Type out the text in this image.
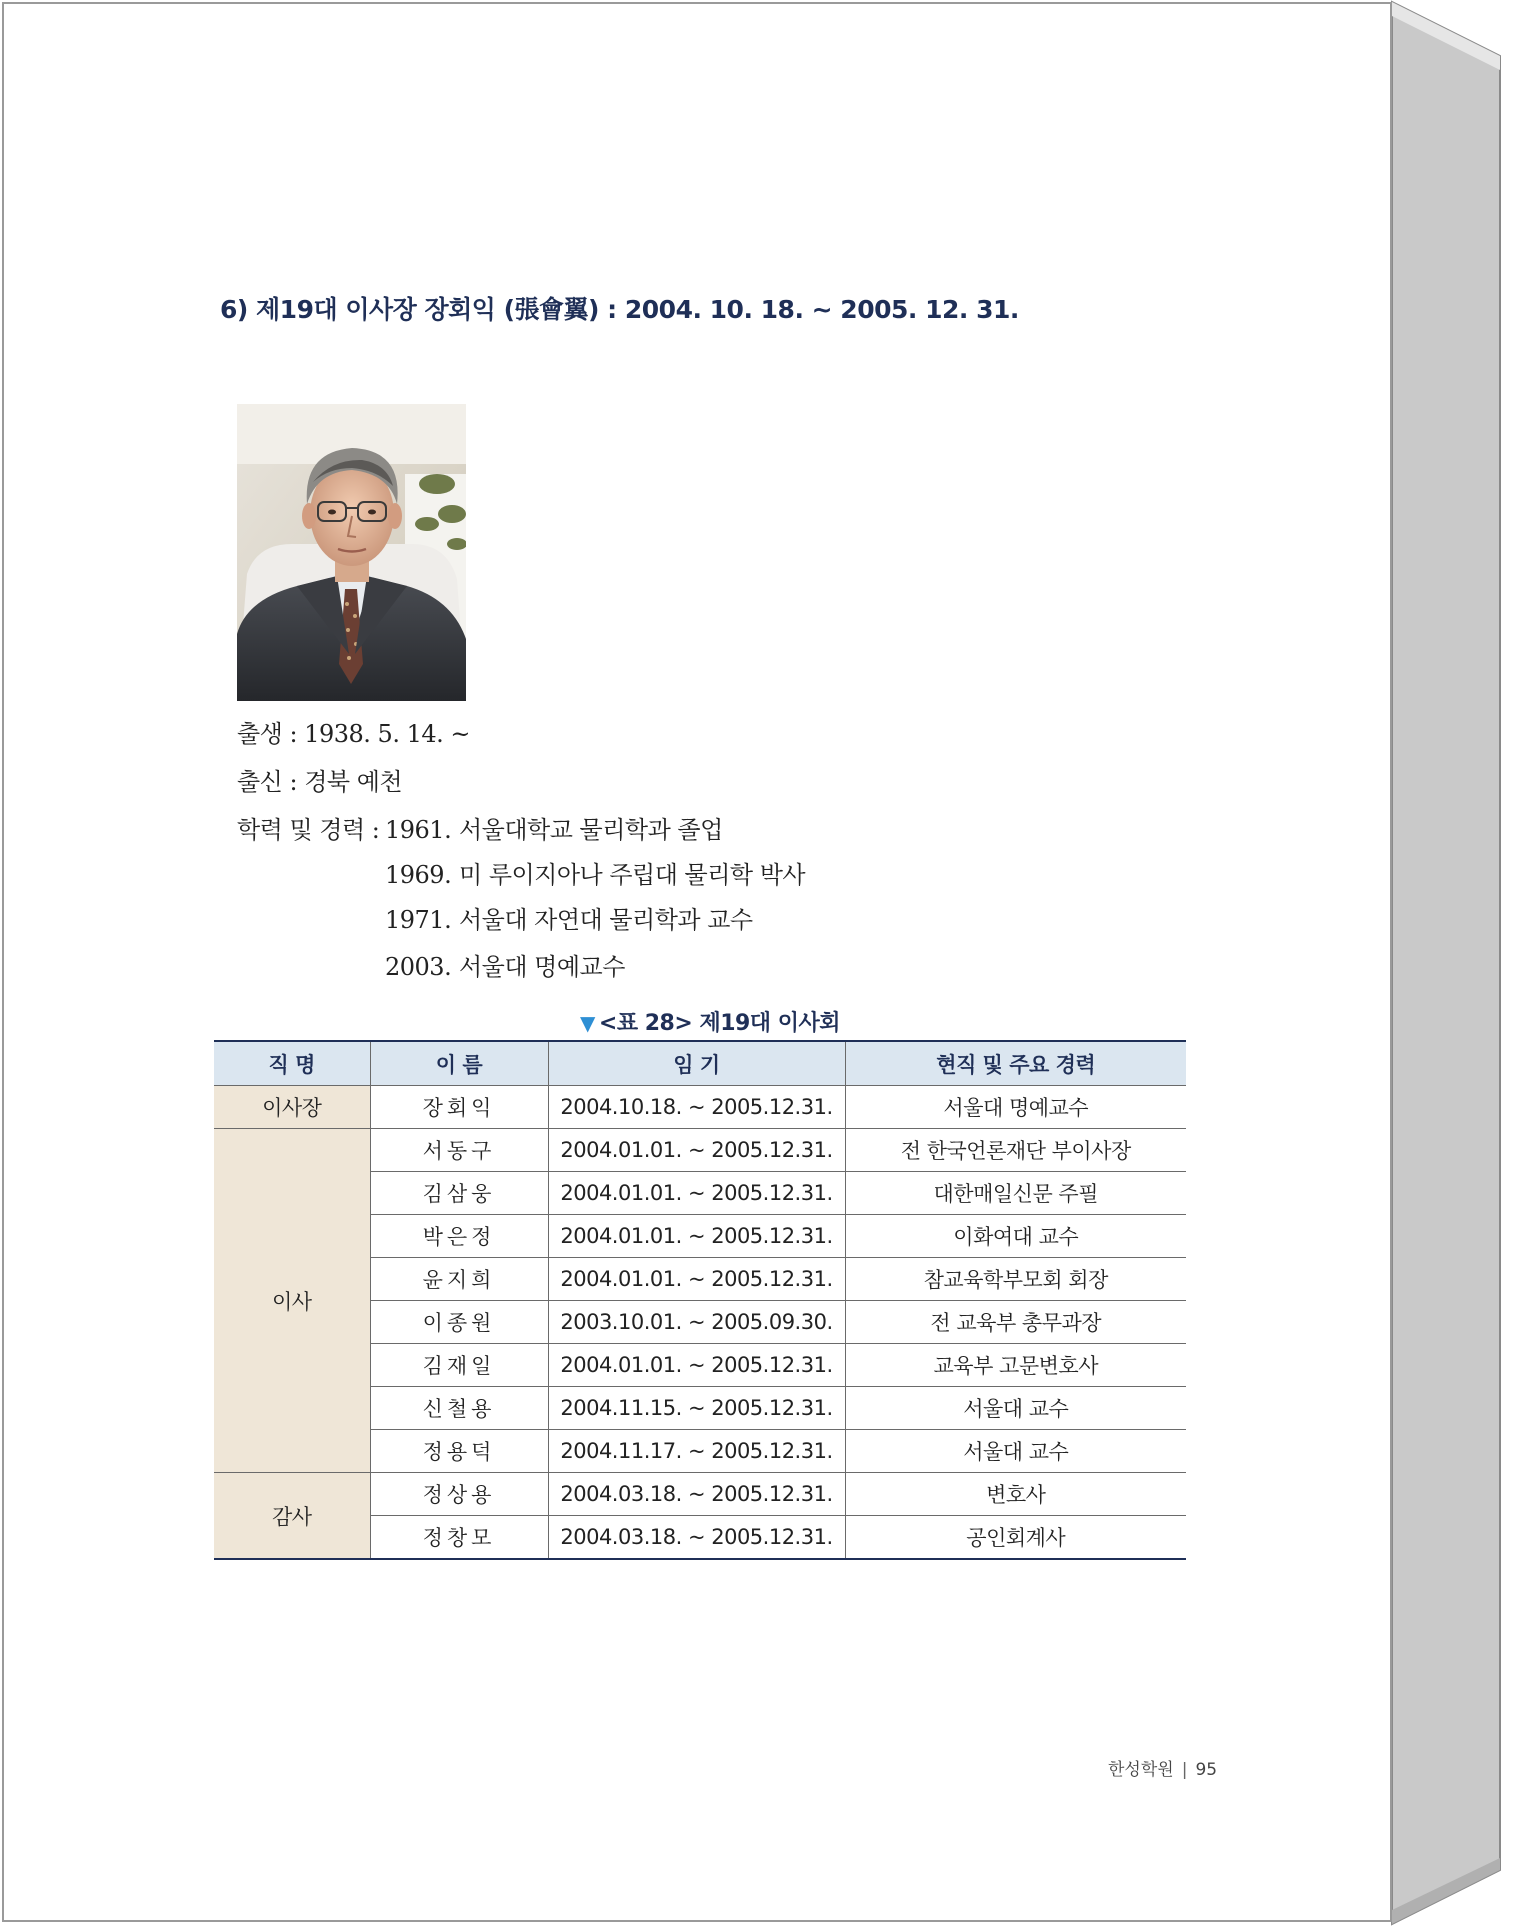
6) 제19대 이사장 장회익 (張會翼) : 2004. 10. 18. ~ 2005. 12. 31.
출생 : 1938. 5. 14. ~
출신 : 경북 예천
학력 및 경력 : 1961. 서울대학교 물리학과 졸업
1969. 미 루이지아나 주립대 물리학 박사
1971. 서울대 자연대 물리학과 교수
2003. 서울대 명예교수
▼ <표 28> 제19대 이사회
직 명	이 름	임 기	현직 및 주요 경력
이사장	장회익	2004.10.18. ~ 2005.12.31.	서울대 명예교수
이사	서동구	2004.01.01. ~ 2005.12.31.	전 한국언론재단 부이사장
	김삼웅	2004.01.01. ~ 2005.12.31.	대한매일신문 주필
	박은정	2004.01.01. ~ 2005.12.31.	이화여대 교수
	윤지희	2004.01.01. ~ 2005.12.31.	참교육학부모회 회장
	이종원	2003.10.01. ~ 2005.09.30.	전 교육부 총무과장
	김재일	2004.01.01. ~ 2005.12.31.	교육부 고문변호사
	신철용	2004.11.15. ~ 2005.12.31.	서울대 교수
	정용덕	2004.11.17. ~ 2005.12.31.	서울대 교수
감사	정상용	2004.03.18. ~ 2005.12.31.	변호사
	정창모	2004.03.18. ~ 2005.12.31.	공인회계사
한성학원 | 95
